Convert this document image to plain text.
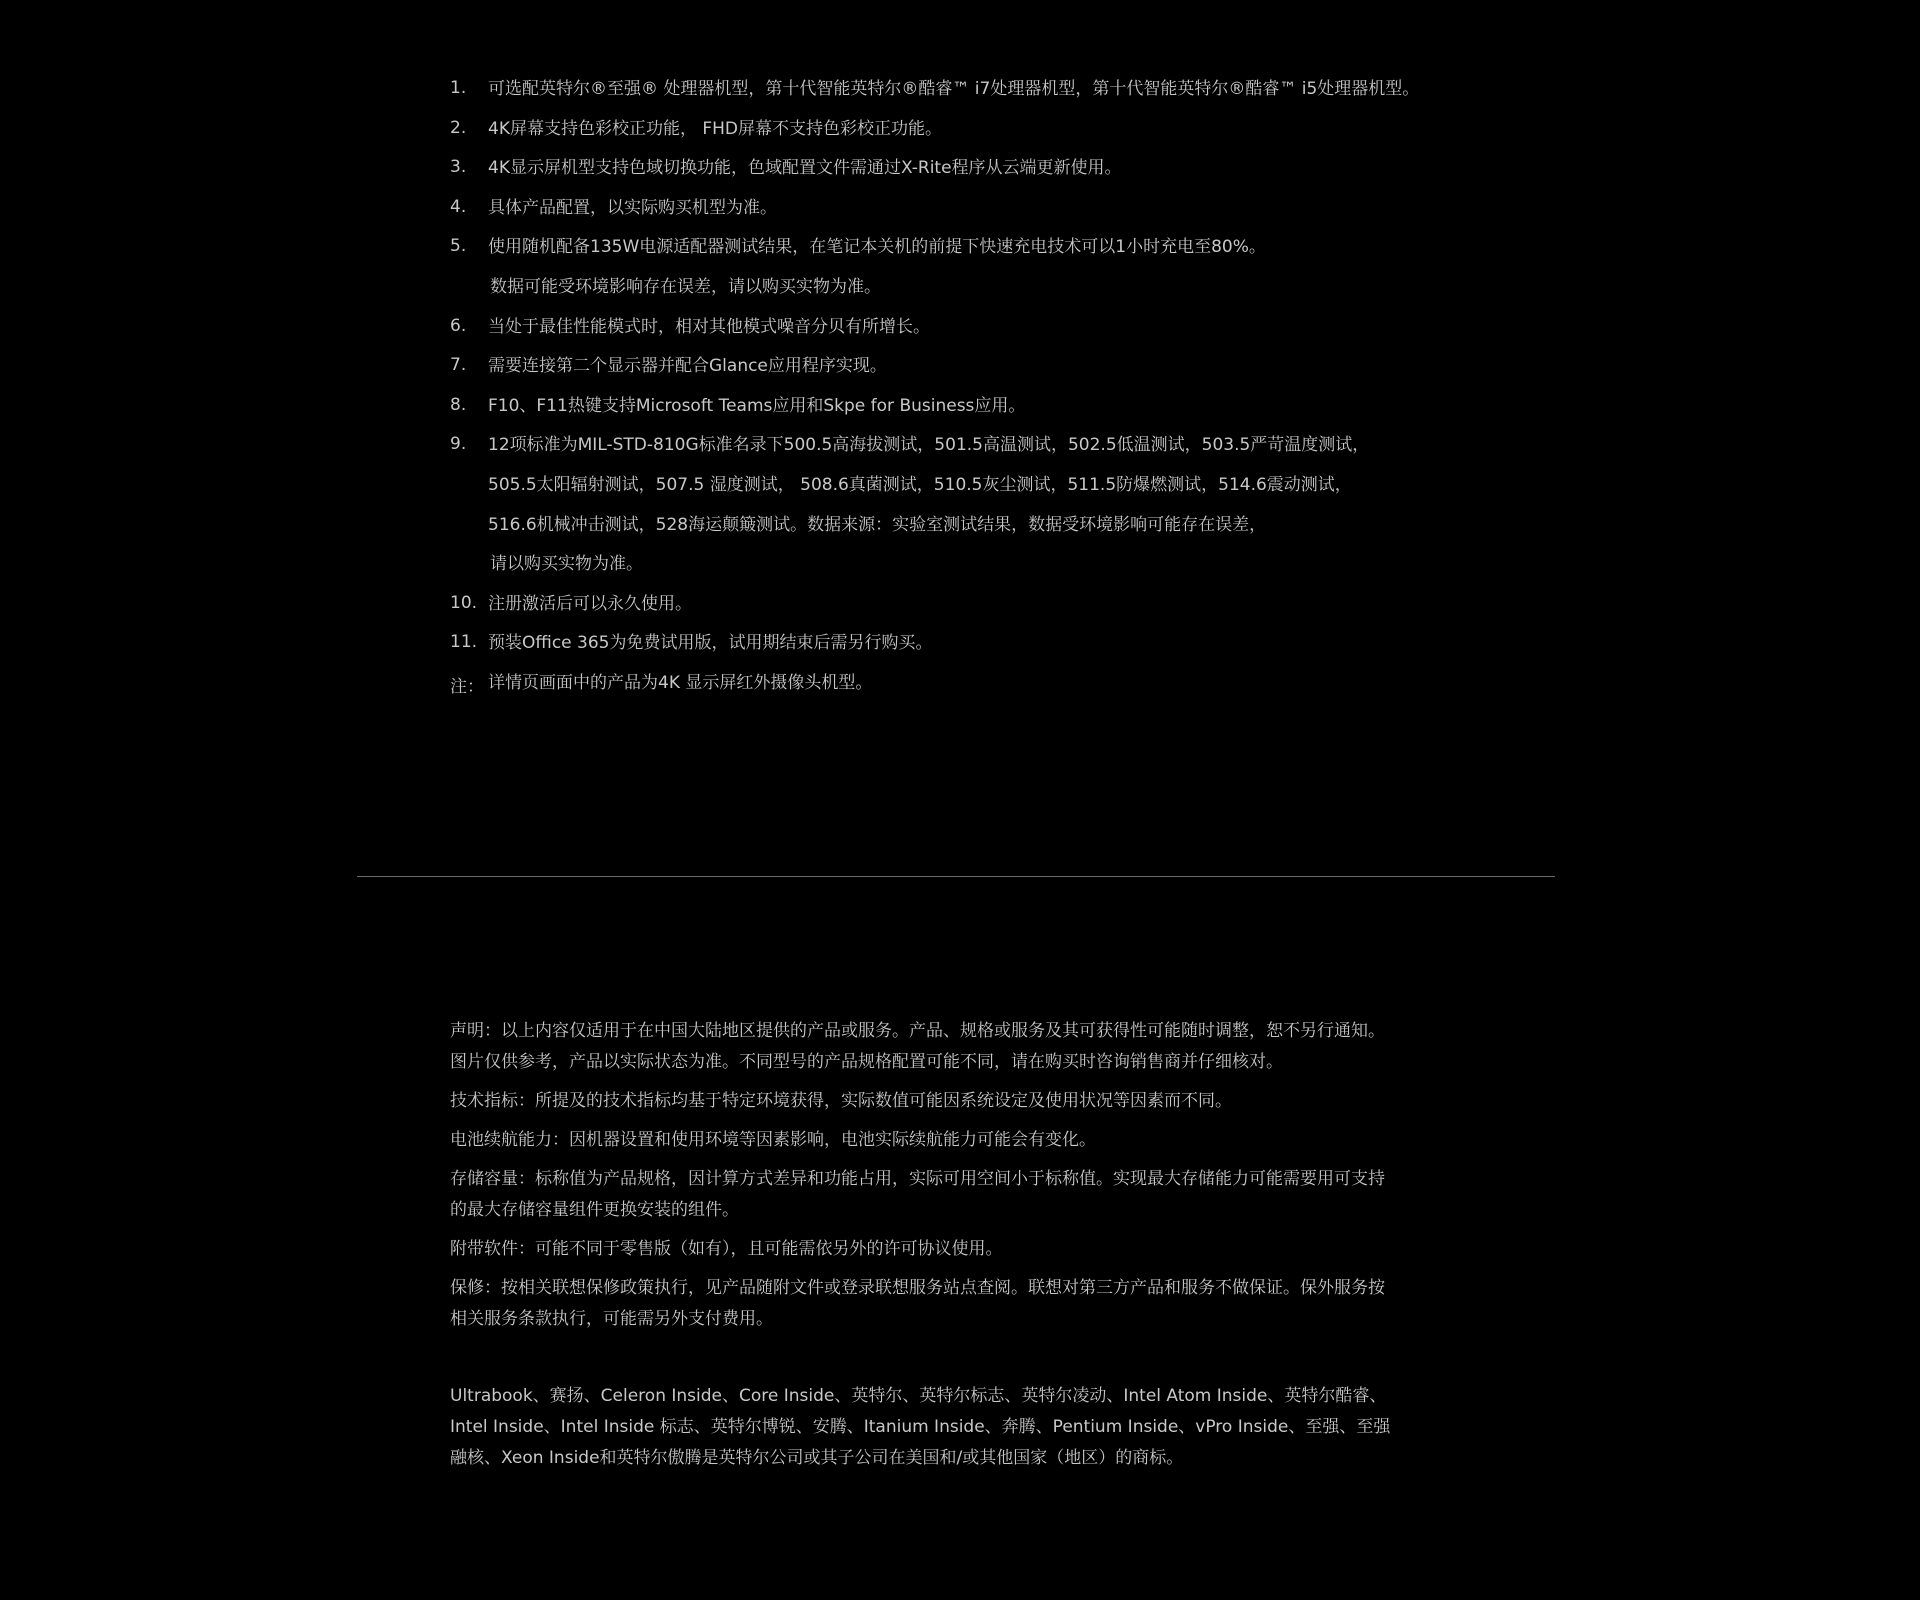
1.	可选配英特尔®至强® 处理器机型，第十代智能英特尔®酷睿™ i7处理器机型，第十代智能英特尔®酷睿™ i5处理器机型。
2.	4K屏幕支持色彩校正功能， FHD屏幕不支持色彩校正功能。
3.	4K显示屏机型支持色域切换功能，色域配置文件需通过X-Rite程序从云端更新使用。
4.	具体产品配置，以实际购买机型为准。
5.	使用随机配备135W电源适配器测试结果，在笔记本关机的前提下快速充电技术可以1小时充电至80%。
数据可能受环境影响存在误差，请以购买实物为准。
6.	当处于最佳性能模式时，相对其他模式噪音分贝有所增长。
7.	需要连接第二个显示器并配合Glance应用程序实现。
8.	F10、F11热键支持Microsoft Teams应用和Skpe for Business应用。
9.	12项标准为MIL-STD-810G标准名录下500.5高海拔测试，501.5高温测试，502.5低温测试，503.5严苛温度测试，
505.5太阳辐射测试，507.5 湿度测试， 508.6真菌测试，510.5灰尘测试，511.5防爆燃测试，514.6震动测试，
516.6机械冲击测试，528海运颠簸测试。数据来源：实验室测试结果，数据受环境影响可能存在误差，
请以购买实物为准。
10. 注册激活后可以永久使用。
11. 预装Office 365为免费试用版，试用期结束后需另行购买。
注： 详情页画面中的产品为4K 显示屏红外摄像头机型。

声明：以上内容仅适用于在中国大陆地区提供的产品或服务。产品、规格或服务及其可获得性可能随时调整，恕不另行通知。
图片仅供参考，产品以实际状态为准。不同型号的产品规格配置可能不同，请在购买时咨询销售商并仔细核对。

技术指标：所提及的技术指标均基于特定环境获得，实际数值可能因系统设定及使用状况等因素而不同。

电池续航能力：因机器设置和使用环境等因素影响，电池实际续航能力可能会有变化。

存储容量：标称值为产品规格，因计算方式差异和功能占用，实际可用空间小于标称值。实现最大存储能力可能需要用可支持
的最大存储容量组件更换安装的组件。

附带软件：可能不同于零售版（如有），且可能需依另外的许可协议使用。

保修：按相关联想保修政策执行，见产品随附文件或登录联想服务站点查阅。联想对第三方产品和服务不做保证。保外服务按
相关服务条款执行，可能需另外支付费用。

Ultrabook、赛扬、Celeron Inside、Core Inside、英特尔、英特尔标志、英特尔凌动、Intel Atom Inside、英特尔酷睿、
Intel Inside、Intel Inside 标志、英特尔博锐、安腾、Itanium Inside、奔腾、Pentium Inside、vPro Inside、至强、至强
融核、Xeon Inside和英特尔傲腾是英特尔公司或其子公司在美国和/或其他国家（地区）的商标。
